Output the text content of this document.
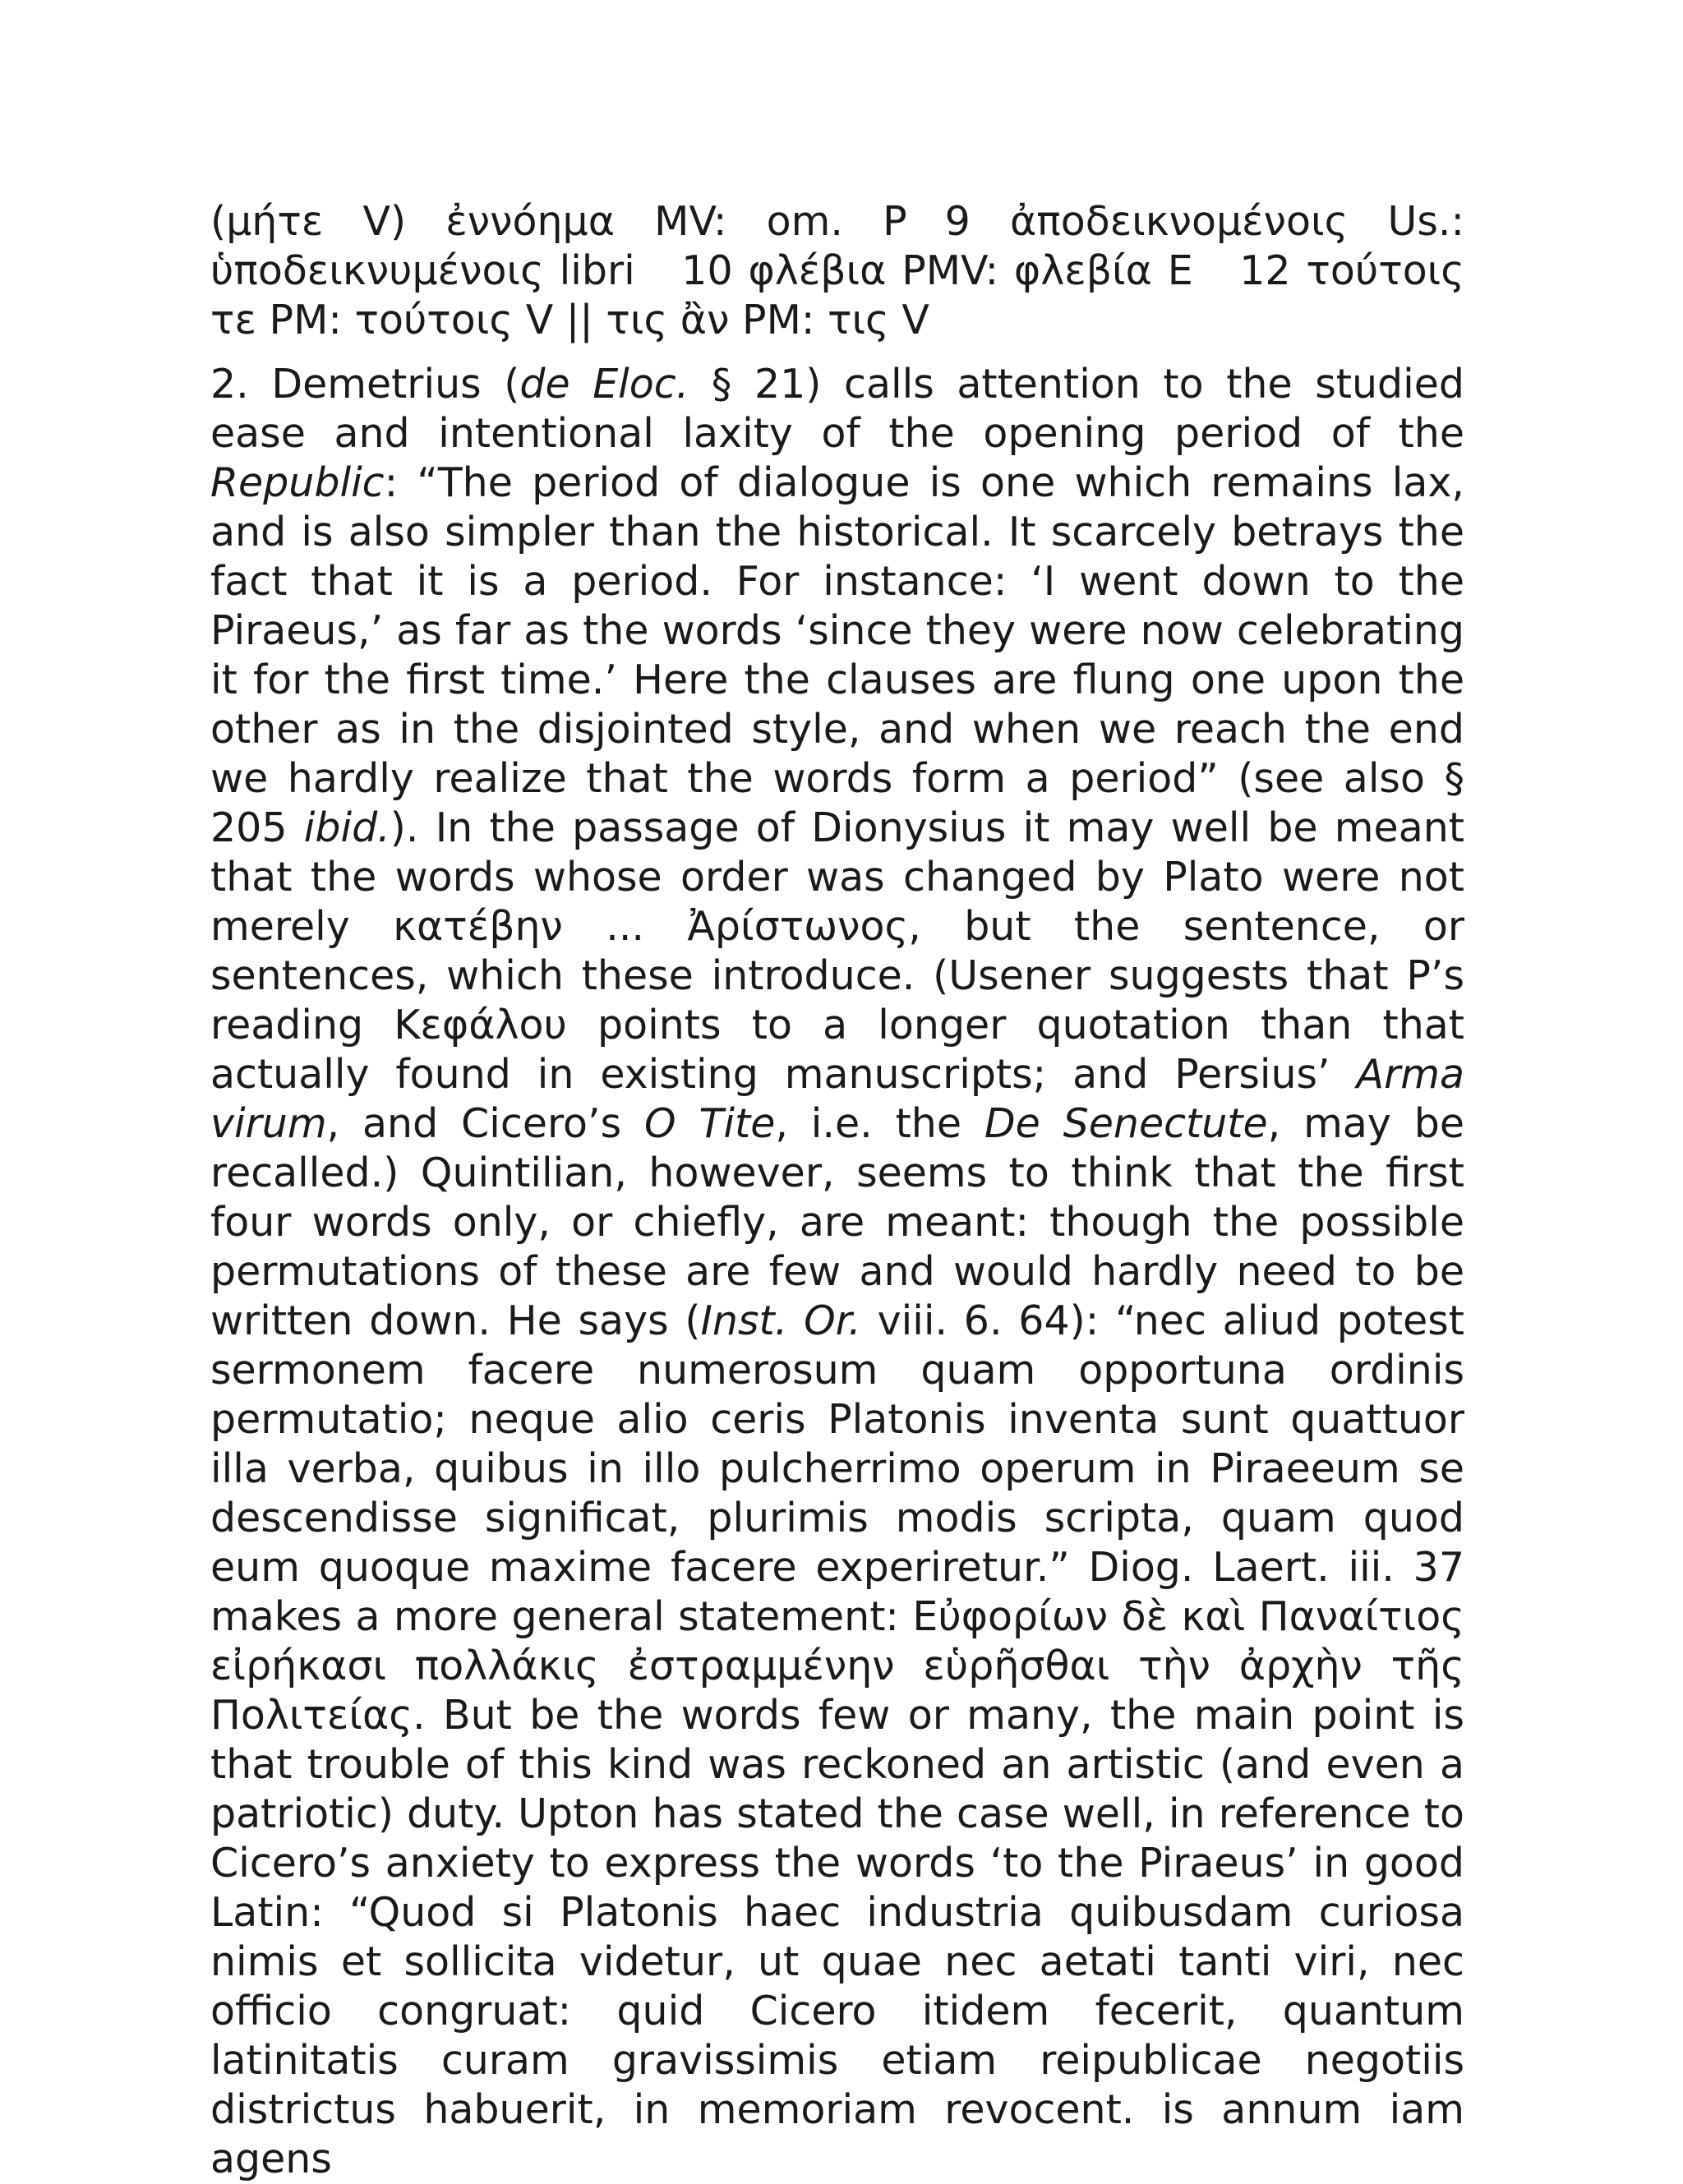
(μήτε V) ἐννόημα MV: om. P 9 ἀποδεικνομένοις Us.: ὑποδεικνυμένοις libri 10 φλέβια PMV: φλεβία E 12 τούτοις τε PM: τούτοις V || τις ἂν PM: τις V

2. Demetrius (de Eloc. § 21) calls attention to the studied ease and intentional laxity of the opening period of the Republic: “The period of dialogue is one which remains lax, and is also simpler than the historical. It scarcely betrays the fact that it is a period. For instance: ‘I went down to the Piraeus,’ as far as the words ‘since they were now celebrating it for the first time.’ Here the clauses are flung one upon the other as in the disjointed style, and when we reach the end we hardly realize that the words form a period” (see also § 205 ibid.). In the passage of Dionysius it may well be meant that the words whose order was changed by Plato were not merely κατέβην ... Ἀρίστωνος, but the sentence, or sentences, which these introduce. (Usener suggests that P’s reading Κεφάλου points to a longer quotation than that actually found in existing manuscripts; and Persius’ Arma virum, and Cicero’s O Tite, i.e. the De Senectute, may be recalled.) Quintilian, however, seems to think that the first four words only, or chiefly, are meant: though the possible permutations of these are few and would hardly need to be written down. He says (Inst. Or. viii. 6. 64): “nec aliud potest sermonem facere numerosum quam opportuna ordinis permutatio; neque alio ceris Platonis inventa sunt quattuor illa verba, quibus in illo pulcherrimo operum in Piraeeum se descendisse significat, plurimis modis scripta, quam quod eum quoque maxime facere experiretur.” Diog. Laert. iii. 37 makes a more general statement: Εὐφορίων δὲ καὶ Παναίτιος εἰρήκασι πολλάκις ἐστραμμένην εὑρῆσθαι τὴν ἀρχὴν τῆς Πολιτείας. But be the words few or many, the main point is that trouble of this kind was reckoned an artistic (and even a patriotic) duty. Upton has stated the case well, in reference to Cicero’s anxiety to express the words ‘to the Piraeus’ in good Latin: “Quod si Platonis haec industria quibusdam curiosa nimis et sollicita videtur, ut quae nec aetati tanti viri, nec officio congruat: quid Cicero itidem fecerit, quantum latinitatis curam gravissimis etiam reipublicae negotiis districtus habuerit, in memoriam revocent. is annum iam agens
